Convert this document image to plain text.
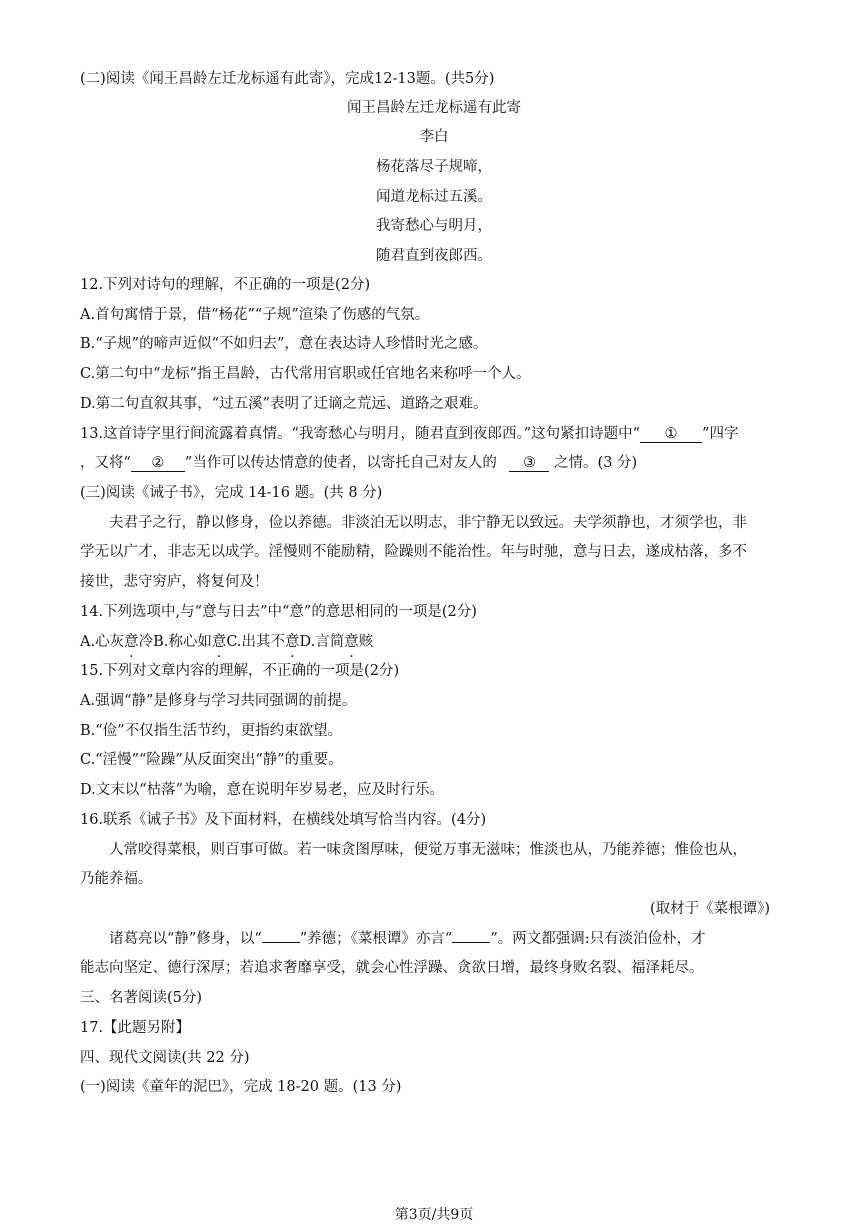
(二)阅读《闻王昌龄左迁龙标遥有此寄》，完成12-13题。(共5分)
闻王昌龄左迁龙标遥有此寄
李白
杨花落尽子规啼，
闻道龙标过五溪。
我寄愁心与明月，
随君直到夜郎西。
12.下列对诗句的理解，不正确的一项是(2分)
A.首句寓情于景，借“杨花”“子规”渲染了伤感的气氛。
B.“子规”的啼声近似“不如归去”，意在表达诗人珍惜时光之感。
C.第二句中“龙标”指王昌龄，古代常用官职或任官地名来称呼一个人。
D.第二句直叙其事，“过五溪”表明了迁谪之荒远、道路之艰难。
13.这首诗字里行间流露着真情。“我寄愁心与明月，随君直到夜郎西。”这句紧扣诗题中“ ① ”四字
，又将“ ② ”当作可以传达情意的使者，以寄托自己对友人的 ③ 之情。(3 分)
(三)阅读《诫子书》，完成 14-16 题。(共 8 分)
夫君子之行，静以修身，俭以养德。非淡泊无以明志，非宁静无以致远。夫学须静也，才须学也，非
学无以广才，非志无以成学。淫慢则不能励精，险躁则不能治性。年与时驰，意与日去，遂成枯落，多不
接世，悲守穷庐，将复何及！
14.下列选项中,与“意与日去”中“意”的意思相同的一项是(2分)
A.心灰意冷B.称心如意C.出其不意D.言简意赅
15.下列对文章内容的理解，不正确的一项是(2分)
A.强调“静”是修身与学习共同强调的前提。
B.“俭”不仅指生活节约，更指约束欲望。
C.“淫慢”“险躁”从反面突出“静”的重要。
D.文末以“枯落”为喻，意在说明年岁易老，应及时行乐。
16.联系《诫子书》及下面材料，在横线处填写恰当内容。(4分)
人常咬得菜根，则百事可做。若一味贪图厚味，便觉万事无滋味；惟淡也从，乃能养德；惟俭也从，
乃能养福。
(取材于《菜根谭》)
诸葛亮以“静”修身，以“	”养德；《菜根谭》亦言“	”。两文都强调:只有淡泊俭朴，才
能志向坚定、德行深厚；若追求奢靡享受，就会心性浮躁、贪欲日增，最终身败名裂、福泽耗尽。
三、名著阅读(5分)
17.【此题另附】
四、现代文阅读(共 22 分)
(一)阅读《童年的泥巴》，完成 18-20 题。(13 分)
第3页/共9页
